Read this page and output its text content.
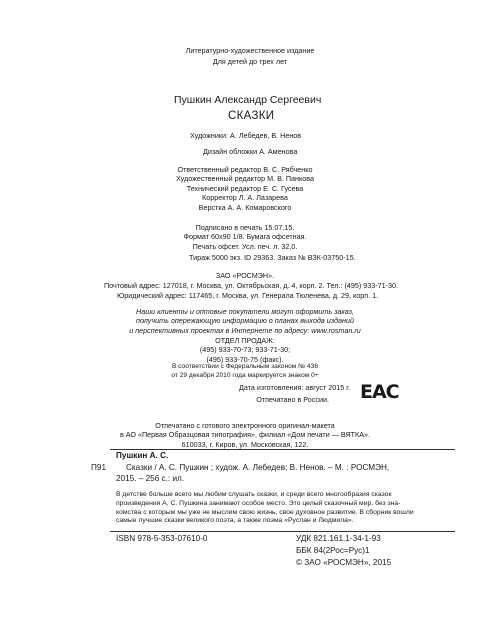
Литературно-художественное издание
Для детей до трех лет
Пушкин Александр Сергеевич
СКАЗКИ
Художники: А. Лебедев, В. Ненов
Дизайн обложки А. Аменова
Ответственный редактор В. С. Рябченко
Художественный редактор М. В. Панкова
Технический редактор Е. С. Гусева
Корректор Л. А. Лазарева
Верстка А. А. Комаровского
Подписано в печать 15.07.15.
Формат 60х90 1/8. Бумага офсетная.
Печать офсет. Усл. печ. л. 32,0.
Тираж 5000 экз. ID 29363. Заказ № ВЗК-03750-15.
ЗАО «РОСМЭН».
Почтовый адрес: 127018, г. Москва, ул. Октябрьская, д. 4, корп. 2. Тел.: (495) 933-71-30.
Юридический адрес: 117465, г. Москва, ул. Генерала Тюленева, д. 29, корп. 1.
Наши клиенты и оптовые покупатели могут оформить заказ,
получить опережающую информацию о планах выхода изданий
и перспективных проектах в Интернете по адресу: www.rosman.ru
ОТДЕЛ ПРОДАЖ:
(495) 933-70-73; 933-71-30;
(495) 933-70-75 (факс).
В соответствии с Федеральным законом № 436
от 29 декабря 2010 года маркируется знаком 0+
Дата изготовления: август 2015 г.
Отпечатано в России. ЕАС
Отпечатано с готового электронного оригинал-макета
в АО «Первая Образцовая типография», филиал «Дом печати — ВЯТКА».
610033, г. Киров, ул. Московская, 122.
Пушкин А. С.
П91 Сказки / А. С. Пушкин ; худож. А. Лебедев; В. Ненов. – М. : РОСМЭН,
2015. – 256 с.: ил.
В детстве больше всего мы любим слушать сказки, и среди всего многообразия сказок
произведения А. С. Пушкина занимают особое место. Это целый сказочный мир, без зна-
комства с которым мы уже не мыслим свою жизнь, свое духовное развитие. В сборник вошли
самые лучшие сказки великого поэта, а также поэма «Руслан и Людмила».
ISBN 978-5-353-07610-0	УДК 821.161.1-34-1-93
ББК 84(2Рос=Рус)1
© ЗАО «РОСМЭН», 2015
